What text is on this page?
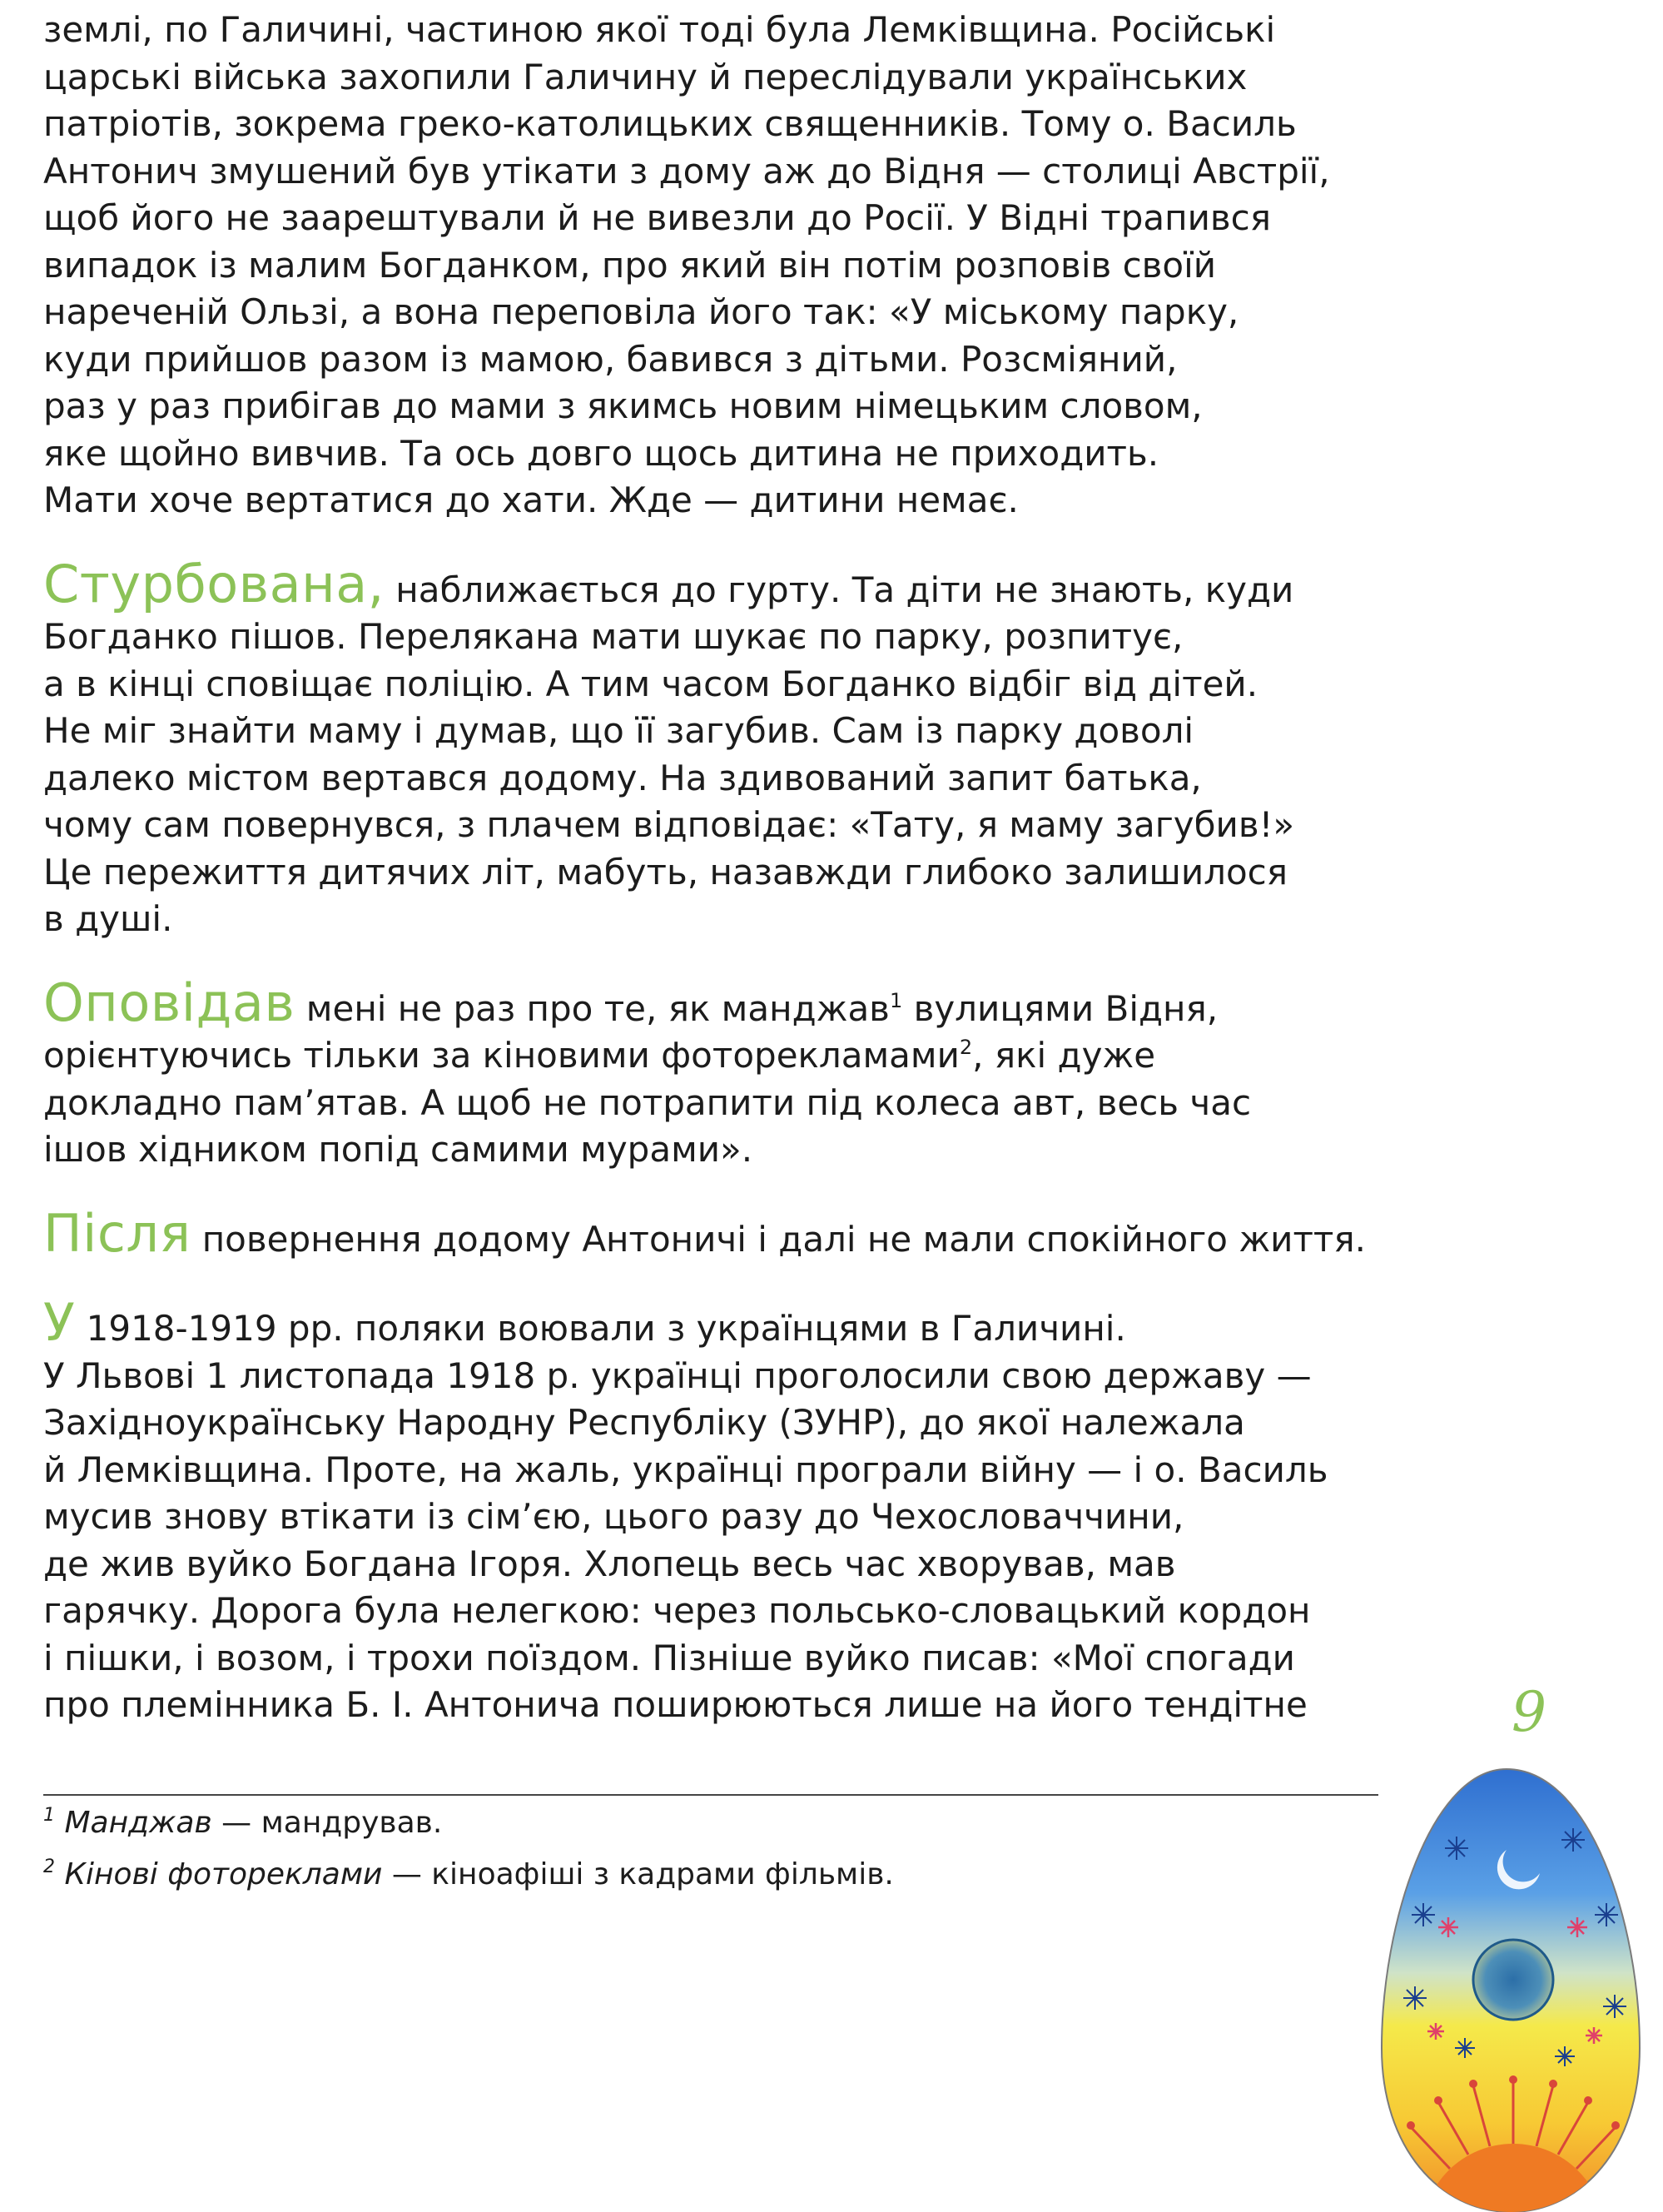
землі, по Галичині, частиною якої тоді була Лемківщина. Російські
царські війська захопили Галичину й переслідували українських
патріотів, зокрема греко-католицьких священників. Тому о. Василь
Антонич змушений був утікати з дому аж до Відня — столиці Австрії,
щоб його не заарештували й не вивезли до Росії. У Відні трапився
випадок із малим Богданком, про який він потім розповів своїй
нареченій Ользі, а вона переповіла його так: «У міському парку,
куди прийшов разом із мамою, бавився з дітьми. Розсміяний,
раз у раз прибігав до мами з якимсь новим німецьким словом,
яке щойно вивчив. Та ось довго щось дитина не приходить.
Мати хоче вертатися до хати. Жде — дитини немає.

Стурбована, наближається до гурту. Та діти не знають, куди
Богданко пішов. Перелякана мати шукає по парку, розпитує,
а в кінці сповіщає поліцію. А тим часом Богданко відбіг від дітей.
Не міг знайти маму і думав, що її загубив. Сам із парку доволі
далеко містом вертався додому. На здивований запит батька,
чому сам повернувся, з плачем відповідає: «Тату, я маму загубив!»
Це пережиття дитячих літ, мабуть, назавжди глибоко залишилося
в душі.

Оповідав мені не раз про те, як манджав$^1$ вулицями Відня,
орієнтуючись тільки за кіновими фоторекламами$^2$, які дуже
докладно пам’ятав. А щоб не потрапити під колеса авт, весь час
ішов хідником попід самими мурами».

Після повернення додому Антоничі і далі не мали спокійного життя.

У 1918-1919 рр. поляки воювали з українцями в Галичині.
У Львові 1 листопада 1918 р. українці проголосили свою державу —
Західноукраїнську Народну Республіку (ЗУНР), до якої належала
й Лемківщина. Проте, на жаль, українці програли війну — і о. Василь
мусив знову втікати із сім’єю, цього разу до Чехословаччини,
де жив вуйко Богдана Ігоря. Хлопець весь час хворував, мав
гарячку. Дорога була нелегкою: через польсько-словацький кордон
і пішки, і возом, і трохи поїздом. Пізніше вуйко писав: «Мої спогади
про племінника Б. І. Антонича поширюються лише на його тендітне

$^1$ Манджав — мандрував.

$^2$ Кінові фотореклами — кіноафіші з кадрами фільмів.

9
